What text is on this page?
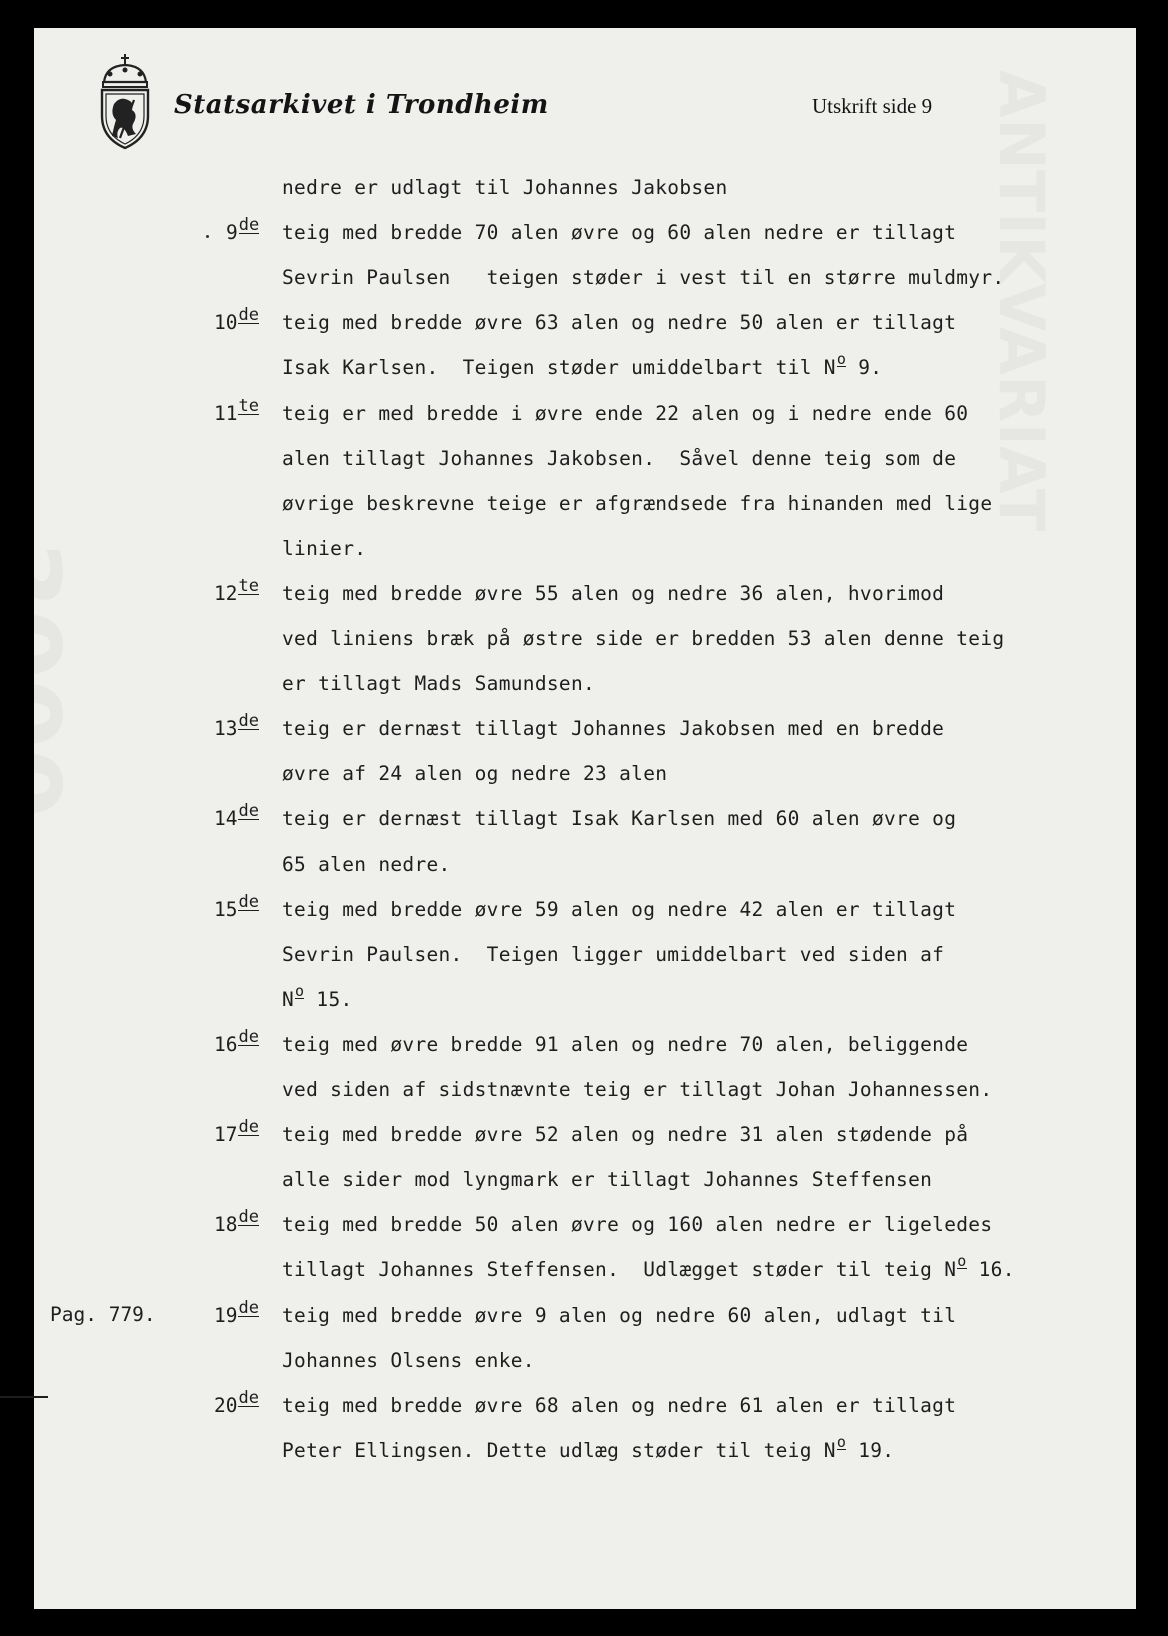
Statsarkivet i Trondheim	Utskrift side 9
Pag. 779.
nedre er udlagt til Johannes Jakobsen
teig med bredde 70 alen øvre og 60 alen nedre er tillagt
9de
Sevrin Paulsen   teigen støder i vest til en større muldmyr.
teig med bredde øvre 63 alen og nedre 50 alen er tillagt
10de
Isak Karlsen.  Teigen støder umiddelbart til No 9.
teig er med bredde i øvre ende 22 alen og i nedre ende 60
11te
alen tillagt Johannes Jakobsen.  Såvel denne teig som de
øvrige beskrevne teige er afgrændsede fra hinanden med lige
linier.
teig med bredde øvre 55 alen og nedre 36 alen, hvorimod
12te
ved liniens bræk på østre side er bredden 53 alen denne teig
er tillagt Mads Samundsen.
teig er dernæst tillagt Johannes Jakobsen med en bredde
13de
øvre af 24 alen og nedre 23 alen
teig er dernæst tillagt Isak Karlsen med 60 alen øvre og
14de
65 alen nedre.
teig med bredde øvre 59 alen og nedre 42 alen er tillagt
15de
Sevrin Paulsen.  Teigen ligger umiddelbart ved siden af
No 15.
teig med øvre bredde 91 alen og nedre 70 alen, beliggende
16de
ved siden af sidstnævnte teig er tillagt Johan Johannessen.
teig med bredde øvre 52 alen og nedre 31 alen stødende på
17de
alle sider mod lyngmark er tillagt Johannes Steffensen
teig med bredde 50 alen øvre og 160 alen nedre er ligeledes
18de
tillagt Johannes Steffensen.  Udlægget støder til teig No 16.
teig med bredde øvre 9 alen og nedre 60 alen, udlagt til
19de
Johannes Olsens enke.
teig med bredde øvre 68 alen og nedre 61 alen er tillagt
20de
Peter Ellingsen. Dette udlæg støder til teig No 19.
